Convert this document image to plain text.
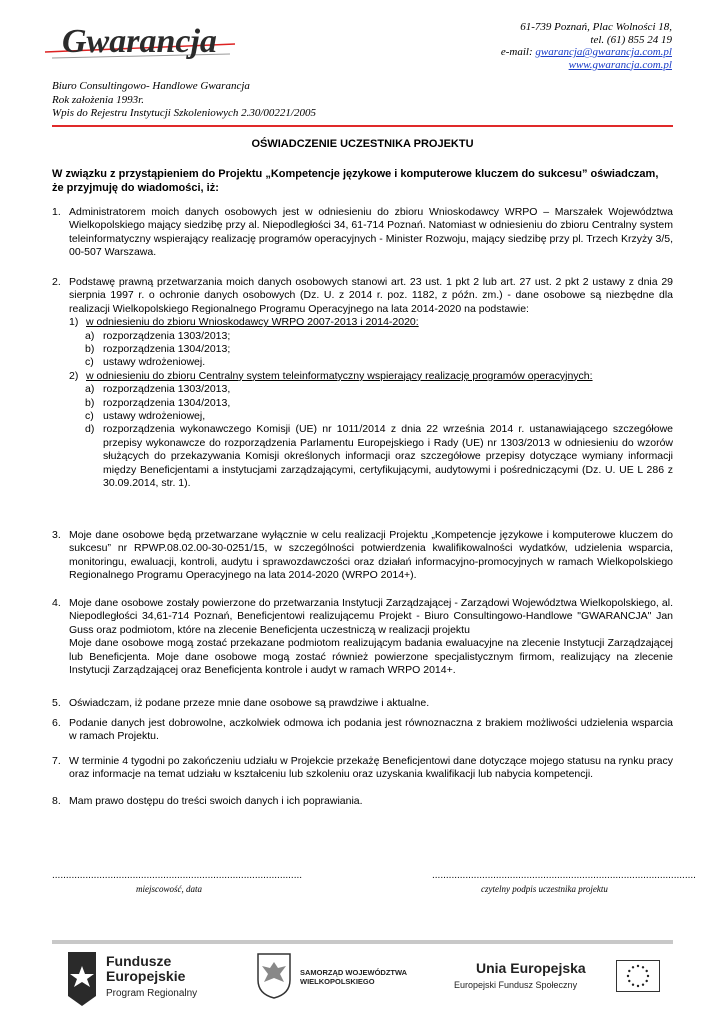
Gwarancja	61-739 Poznań, Plac Wolności 18,
tel. (61) 855 24 19
e-mail: gwarancja@gwarancja.com.pl
www.gwarancja.com.pl
Biuro Consultingowo- Handlowe Gwarancja
Rok założenia 1993r.
Wpis do Rejestru Instytucji Szkoleniowych 2.30/00221/2005
OŚWIADCZENIE UCZESTNIKA PROJEKTU
W związku z przystąpieniem do Projektu „Kompetencje językowe i komputerowe kluczem do sukcesu” oświadczam, że przyjmuję do wiadomości, iż:
1. Administratorem moich danych osobowych jest w odniesieniu do zbioru Wnioskodawcy WRPO – Marszałek Województwa Wielkopolskiego mający siedzibę przy al. Niepodległości 34, 61-714 Poznań. Natomiast w odniesieniu do zbioru Centralny system teleinformatyczny wspierający realizację programów operacyjnych - Minister Rozwoju, mający siedzibę przy pl. Trzech Krzyży 3/5, 00-507 Warszawa.
2. Podstawę prawną przetwarzania moich danych osobowych stanowi art. 23 ust. 1 pkt 2 lub art. 27 ust. 2 pkt 2 ustawy z dnia 29 sierpnia 1997 r. o ochronie danych osobowych (Dz. U. z 2014 r. poz. 1182, z późn. zm.) - dane osobowe są niezbędne dla realizacji Wielkopolskiego Regionalnego Programu Operacyjnego na lata 2014-2020 na podstawie:
1) w odniesieniu do zbioru Wnioskodawcy WRPO 2007-2013 i 2014-2020:
a) rozporządzenia 1303/2013;
b) rozporządzenia 1304/2013;
c) ustawy wdrożeniowej.
2) w odniesieniu do zbioru Centralny system teleinformatyczny wspierający realizację programów operacyjnych:
a) rozporządzenia 1303/2013,
b) rozporządzenia 1304/2013,
c) ustawy wdrożeniowej,
d) rozporządzenia wykonawczego Komisji (UE) nr 1011/2014 z dnia 22 września 2014 r. ustanawiającego szczegółowe przepisy wykonawcze do rozporządzenia Parlamentu Europejskiego i Rady (UE) nr 1303/2013 w odniesieniu do wzorów służących do przekazywania Komisji określonych informacji oraz szczegółowe przepisy dotyczące wymiany informacji między Beneficjentami a instytucjami zarządzającymi, certyfikującymi, audytowymi i pośredniczącymi (Dz. U. UE L 286 z 30.09.2014, str. 1).
3. Moje dane osobowe będą przetwarzane wyłącznie w celu realizacji Projektu „Kompetencje językowe i komputerowe kluczem do sukcesu” nr RPWP.08.02.00-30-0251/15, w szczególności potwierdzenia kwalifikowalności wydatków, udzielenia wsparcia, monitoringu, ewaluacji, kontroli, audytu i sprawozdawczości oraz działań informacyjno-promocyjnych w ramach Wielkopolskiego Regionalnego Programu Operacyjnego na lata 2014-2020 (WRPO 2014+).
4. Moje dane osobowe zostały powierzone do przetwarzania Instytucji Zarządzającej - Zarządowi Województwa Wielkopolskiego, al. Niepodległości 34,61-714 Poznań, Beneficjentowi realizującemu Projekt - Biuro Consultingowo-Handlowe "GWARANCJA" Jan Guss oraz podmiotom, które na zlecenie Beneficjenta uczestniczą w realizacji projektu
Moje dane osobowe mogą zostać przekazane podmiotom realizującym badania ewaluacyjne na zlecenie Instytucji Zarządzającej lub Beneficjenta. Moje dane osobowe mogą zostać również powierzone specjalistycznym firmom, realizujący na zlecenie Instytucji Zarządzającej oraz Beneficjenta kontrole i audyt w ramach WRPO 2014+.
5. Oświadczam, iż podane przeze mnie dane osobowe są prawdziwe i aktualne.
6. Podanie danych jest dobrowolne, aczkolwiek odmowa ich podania jest równoznaczna z brakiem możliwości udzielenia wsparcia w ramach Projektu.
7. W terminie 4 tygodni po zakończeniu udziału w Projekcie przekażę Beneficjentowi dane dotyczące mojego statusu na rynku pracy oraz informacje na temat udziału w kształceniu lub szkoleniu oraz uzyskania kwalifikacji lub nabycia kompetencji.
8. Mam prawo dostępu do treści swoich danych i ich poprawiania.
..........................................................................................
miejscowość, data
...............................................................................................
czytelny podpis uczestnika projektu
Fundusze
Europejskie
Program Regionalny
SAMORZĄD WOJEWÓDZTWA
WIELKOPOLSKIEGO
Unia Europejska
Europejski Fundusz Społeczny
